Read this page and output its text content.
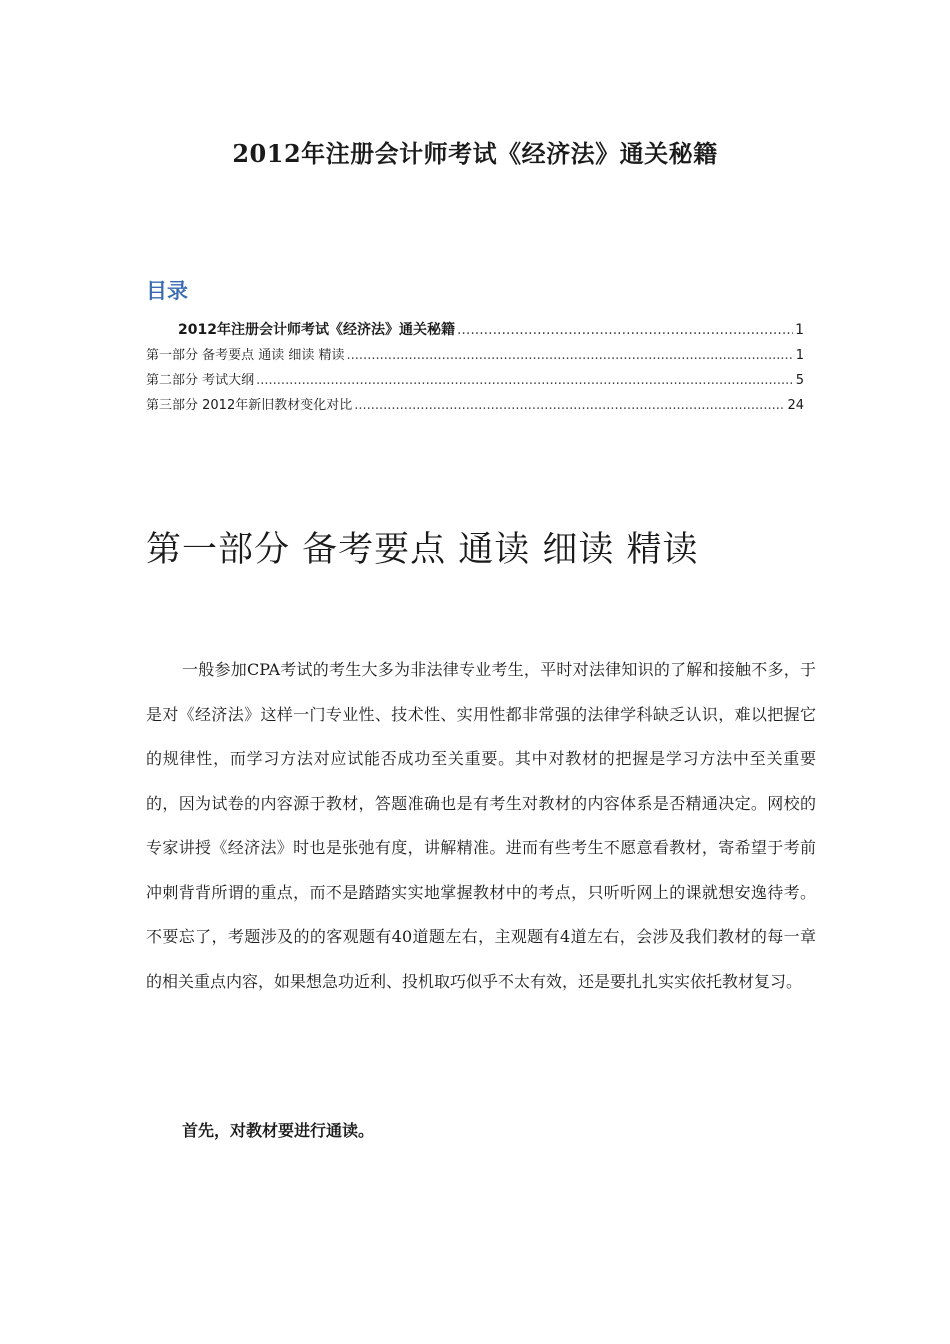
2012年注册会计师考试《经济法》通关秘籍
目录
2012年注册会计师考试《经济法》通关秘籍 .....	1
第一部分 备考要点 通读 细读 精读 .....	1
第二部分 考试大纲 .....	5
第三部分 2012年新旧教材变化对比 .....	24
第一部分 备考要点 通读 细读 精读

一般参加CPA考试的考生大多为非法律专业考生，平时对法律知识的了解和接触不多，于是对《经济法》这样一门专业性、技术性、实用性都非常强的法律学科缺乏认识，难以把握它的规律性，而学习方法对应试能否成功至关重要。其中对教材的把握是学习方法中至关重要的，因为试卷的内容源于教材，答题准确也是有考生对教材的内容体系是否精通决定。网校的专家讲授《经济法》时也是张弛有度，讲解精准。进而有些考生不愿意看教材，寄希望于考前冲刺背背所谓的重点，而不是踏踏实实地掌握教材中的考点，只听听网上的课就想安逸待考。不要忘了，考题涉及的的客观题有40道题左右，主观题有4道左右，会涉及我们教材的每一章的相关重点内容，如果想急功近利、投机取巧似乎不太有效，还是要扎扎实实依托教材复习。

首先，对教材要进行通读。
